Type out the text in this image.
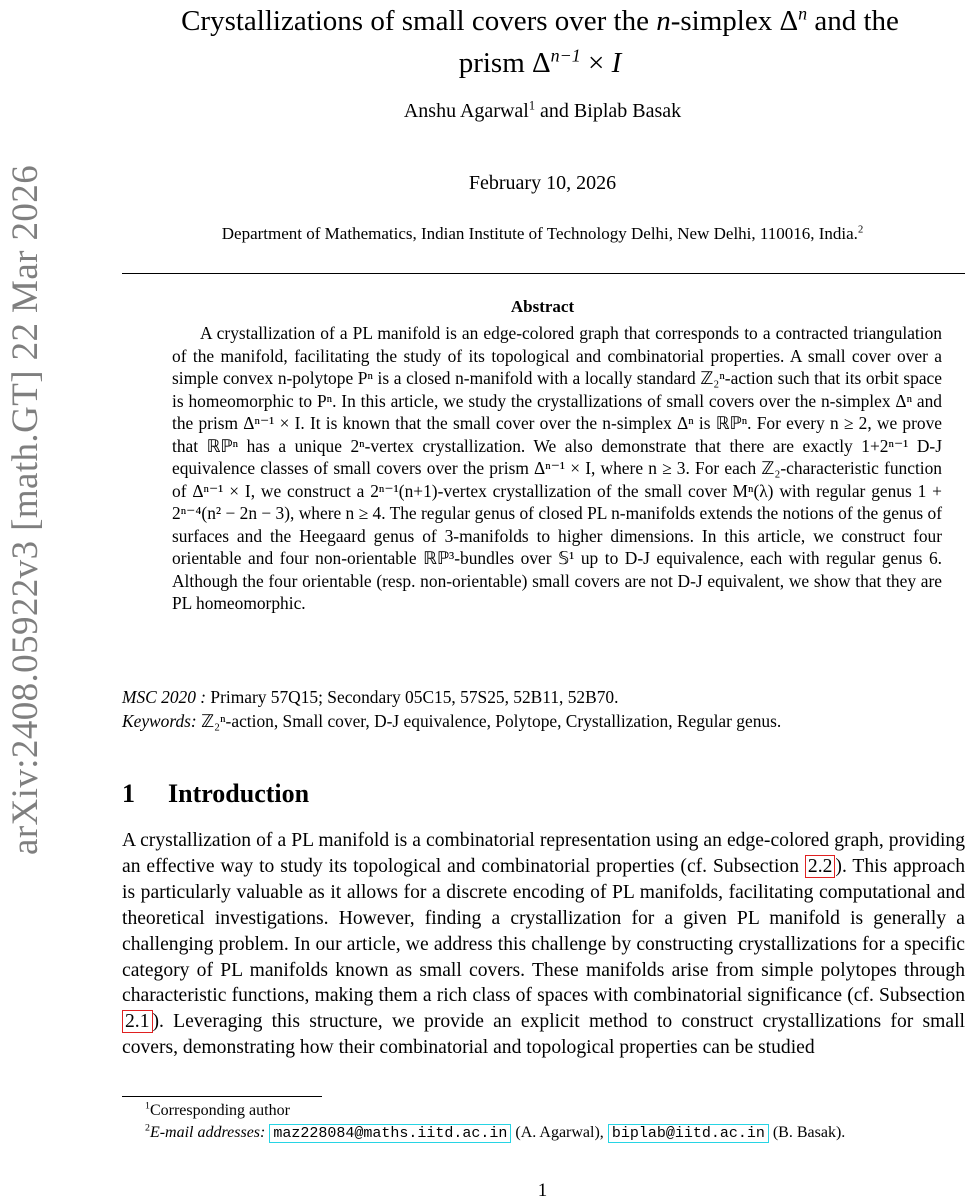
arXiv:2408.05922v3 [math.GT] 22 Mar 2026
Crystallizations of small covers over the n-simplex $\Delta^n$ and the
prism $\Delta^{n-1} \times I$
Anshu Agarwal$^1$ and Biplab Basak
February 10, 2026
Department of Mathematics, Indian Institute of Technology Delhi, New Delhi, 110016, India.$^2$
Abstract
A crystallization of a PL manifold is an edge-colored graph that corresponds to a contracted triangulation of the manifold, facilitating the study of its topological and combinatorial properties. A small cover over a simple convex n-polytope Pⁿ is a closed n-manifold with a locally standard ℤ₂ⁿ-action such that its orbit space is homeomorphic to Pⁿ. In this article, we study the crystallizations of small covers over the n-simplex Δⁿ and the prism Δⁿ⁻¹ × I. It is known that the small cover over the n-simplex Δⁿ is ℝℙⁿ. For every n ≥ 2, we prove that ℝℙⁿ has a unique 2ⁿ-vertex crystallization. We also demonstrate that there are exactly 1+2ⁿ⁻¹ D-J equivalence classes of small covers over the prism Δⁿ⁻¹ × I, where n ≥ 3. For each ℤ₂-characteristic function of Δⁿ⁻¹ × I, we construct a 2ⁿ⁻¹(n+1)-vertex crystallization of the small cover Mⁿ(λ) with regular genus 1 + 2ⁿ⁻⁴(n² − 2n − 3), where n ≥ 4. The regular genus of closed PL n-manifolds extends the notions of the genus of surfaces and the Heegaard genus of 3-manifolds to higher dimensions. In this article, we construct four orientable and four non-orientable ℝℙ³-bundles over 𝕊¹ up to D-J equivalence, each with regular genus 6. Although the four orientable (resp. non-orientable) small covers are not D-J equivalent, we show that they are PL homeomorphic.
MSC 2020 : Primary 57Q15; Secondary 05C15, 57S25, 52B11, 52B70.
Keywords: ℤ₂ⁿ-action, Small cover, D-J equivalence, Polytope, Crystallization, Regular genus.
1 Introduction
A crystallization of a PL manifold is a combinatorial representation using an edge-colored graph, providing an effective way to study its topological and combinatorial properties (cf. Subsection 2.2 ). This approach is particularly valuable as it allows for a discrete encoding of PL manifolds, facilitating computational and theoretical investigations. However, finding a crystallization for a given PL manifold is generally a challenging problem. In our article, we address this challenge by constructing crystallizations for a specific category of PL manifolds known as small covers. These manifolds arise from simple polytopes through characteristic functions, making them a rich class of spaces with combinatorial significance (cf. Subsection 2.1 ). Leveraging this structure, we provide an explicit method to construct crystallizations for small covers, demonstrating how their combinatorial and topological properties can be studied
$^1$Corresponding author
$^2$E-mail addresses: maz228084@maths.iitd.ac.in (A. Agarwal), biplab@iitd.ac.in (B. Basak).
1
